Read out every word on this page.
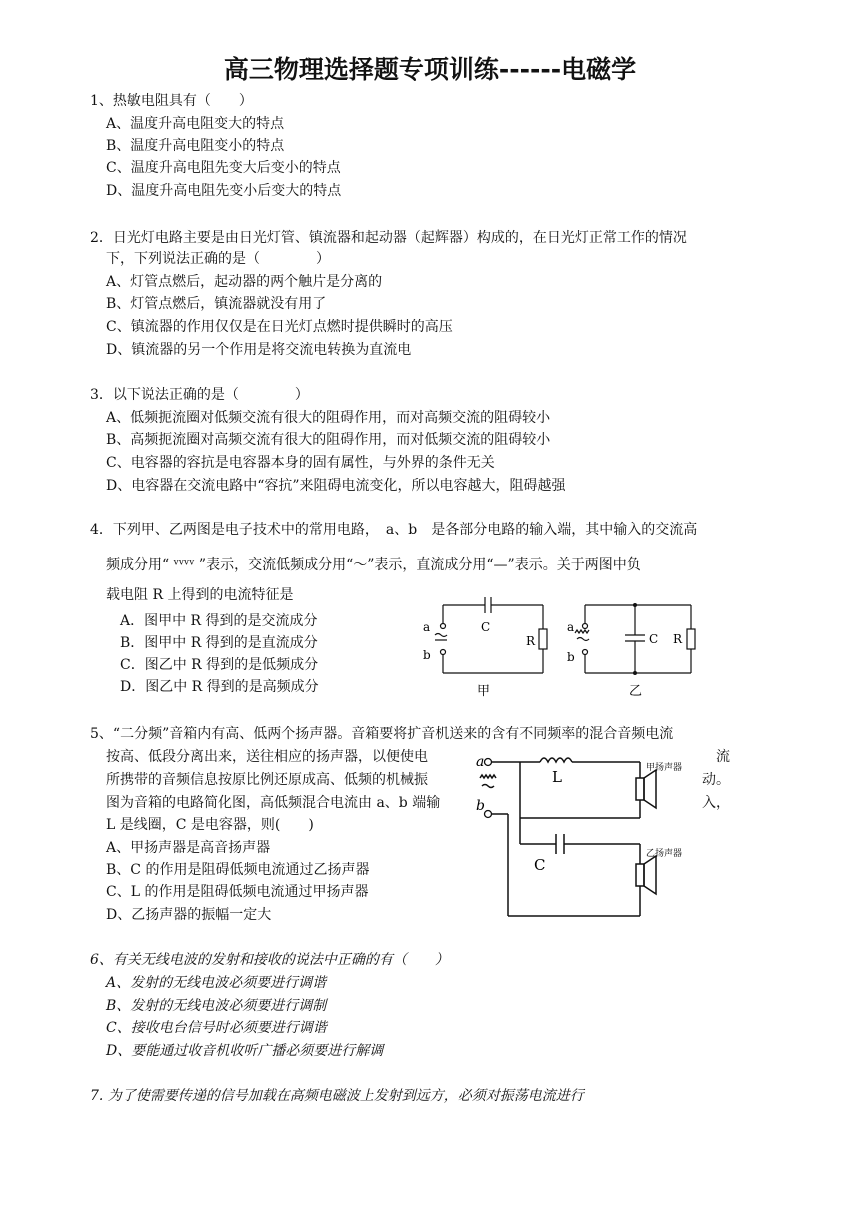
高三物理选择题专项训练------电磁学
1、热敏电阻具有（　　）
A、温度升高电阻变大的特点
B、温度升高电阻变小的特点
C、温度升高电阻先变大后变小的特点
D、温度升高电阻先变小后变大的特点
2．日光灯电路主要是由日光灯管、镇流器和起动器（起辉器）构成的，在日光灯正常工作的情况
下，下列说法正确的是（　　　　）
A、灯管点燃后，起动器的两个触片是分离的
B、灯管点燃后，镇流器就没有用了
C、镇流器的作用仅仅是在日光灯点燃时提供瞬时的高压
D、镇流器的另一个作用是将交流电转换为直流电
3．以下说法正确的是（　　　　）
A、低频扼流圈对低频交流有很大的阻碍作用，而对高频交流的阻碍较小
B、高频扼流圈对高频交流有很大的阻碍作用，而对低频交流的阻碍较小
C、电容器的容抗是电容器本身的固有属性，与外界的条件无关
D、电容器在交流电路中“容抗”来阻碍电流变化，所以电容越大，阻碍越强
4．下列甲、乙两图是电子技术中的常用电路，　a、b　是各部分电路的输入端，其中输入的交流高
频成分用“ ᵛᵛᵛᵛ ”表示，交流低频成分用“～”表示，直流成分用“—”表示。关于两图中负
载电阻 R 上得到的电流特征是
A．图甲中 R 得到的是交流成分
B．图甲中 R 得到的是直流成分
C．图乙中 R 得到的是低频成分
D．图乙中 R 得到的是高频成分
a
b
C
R
a
b
C R
甲	乙
5、“二分频”音箱内有高、低两个扬声器。音箱要将扩音机送来的含有不同频率的混合音频电流
按高、低段分离出来，送往相应的扬声器，以便使电	流
所携带的音频信息按原比例还原成高、低频的机械振	动。
图为音箱的电路简化图，高低频混合电流由 a、b 端输	入，
L 是线圈，C 是电容器，则(　　)
A、甲扬声器是高音扬声器
B、C 的作用是阻碍低频电流通过乙扬声器
C、L 的作用是阻碍低频电流通过甲扬声器
D、乙扬声器的振幅一定大
a
b
L
C
甲扬声器
乙扬声器
6、有关无线电波的发射和接收的说法中正确的有（　　）
A、发射的无线电波必须要进行调谐
B、发射的无线电波必须要进行调制
C、接收电台信号时必须要进行调谐
D、要能通过收音机收听广播必须要进行解调
7. 为了使需要传递的信号加载在高频电磁波上发射到远方，必须对振荡电流进行
